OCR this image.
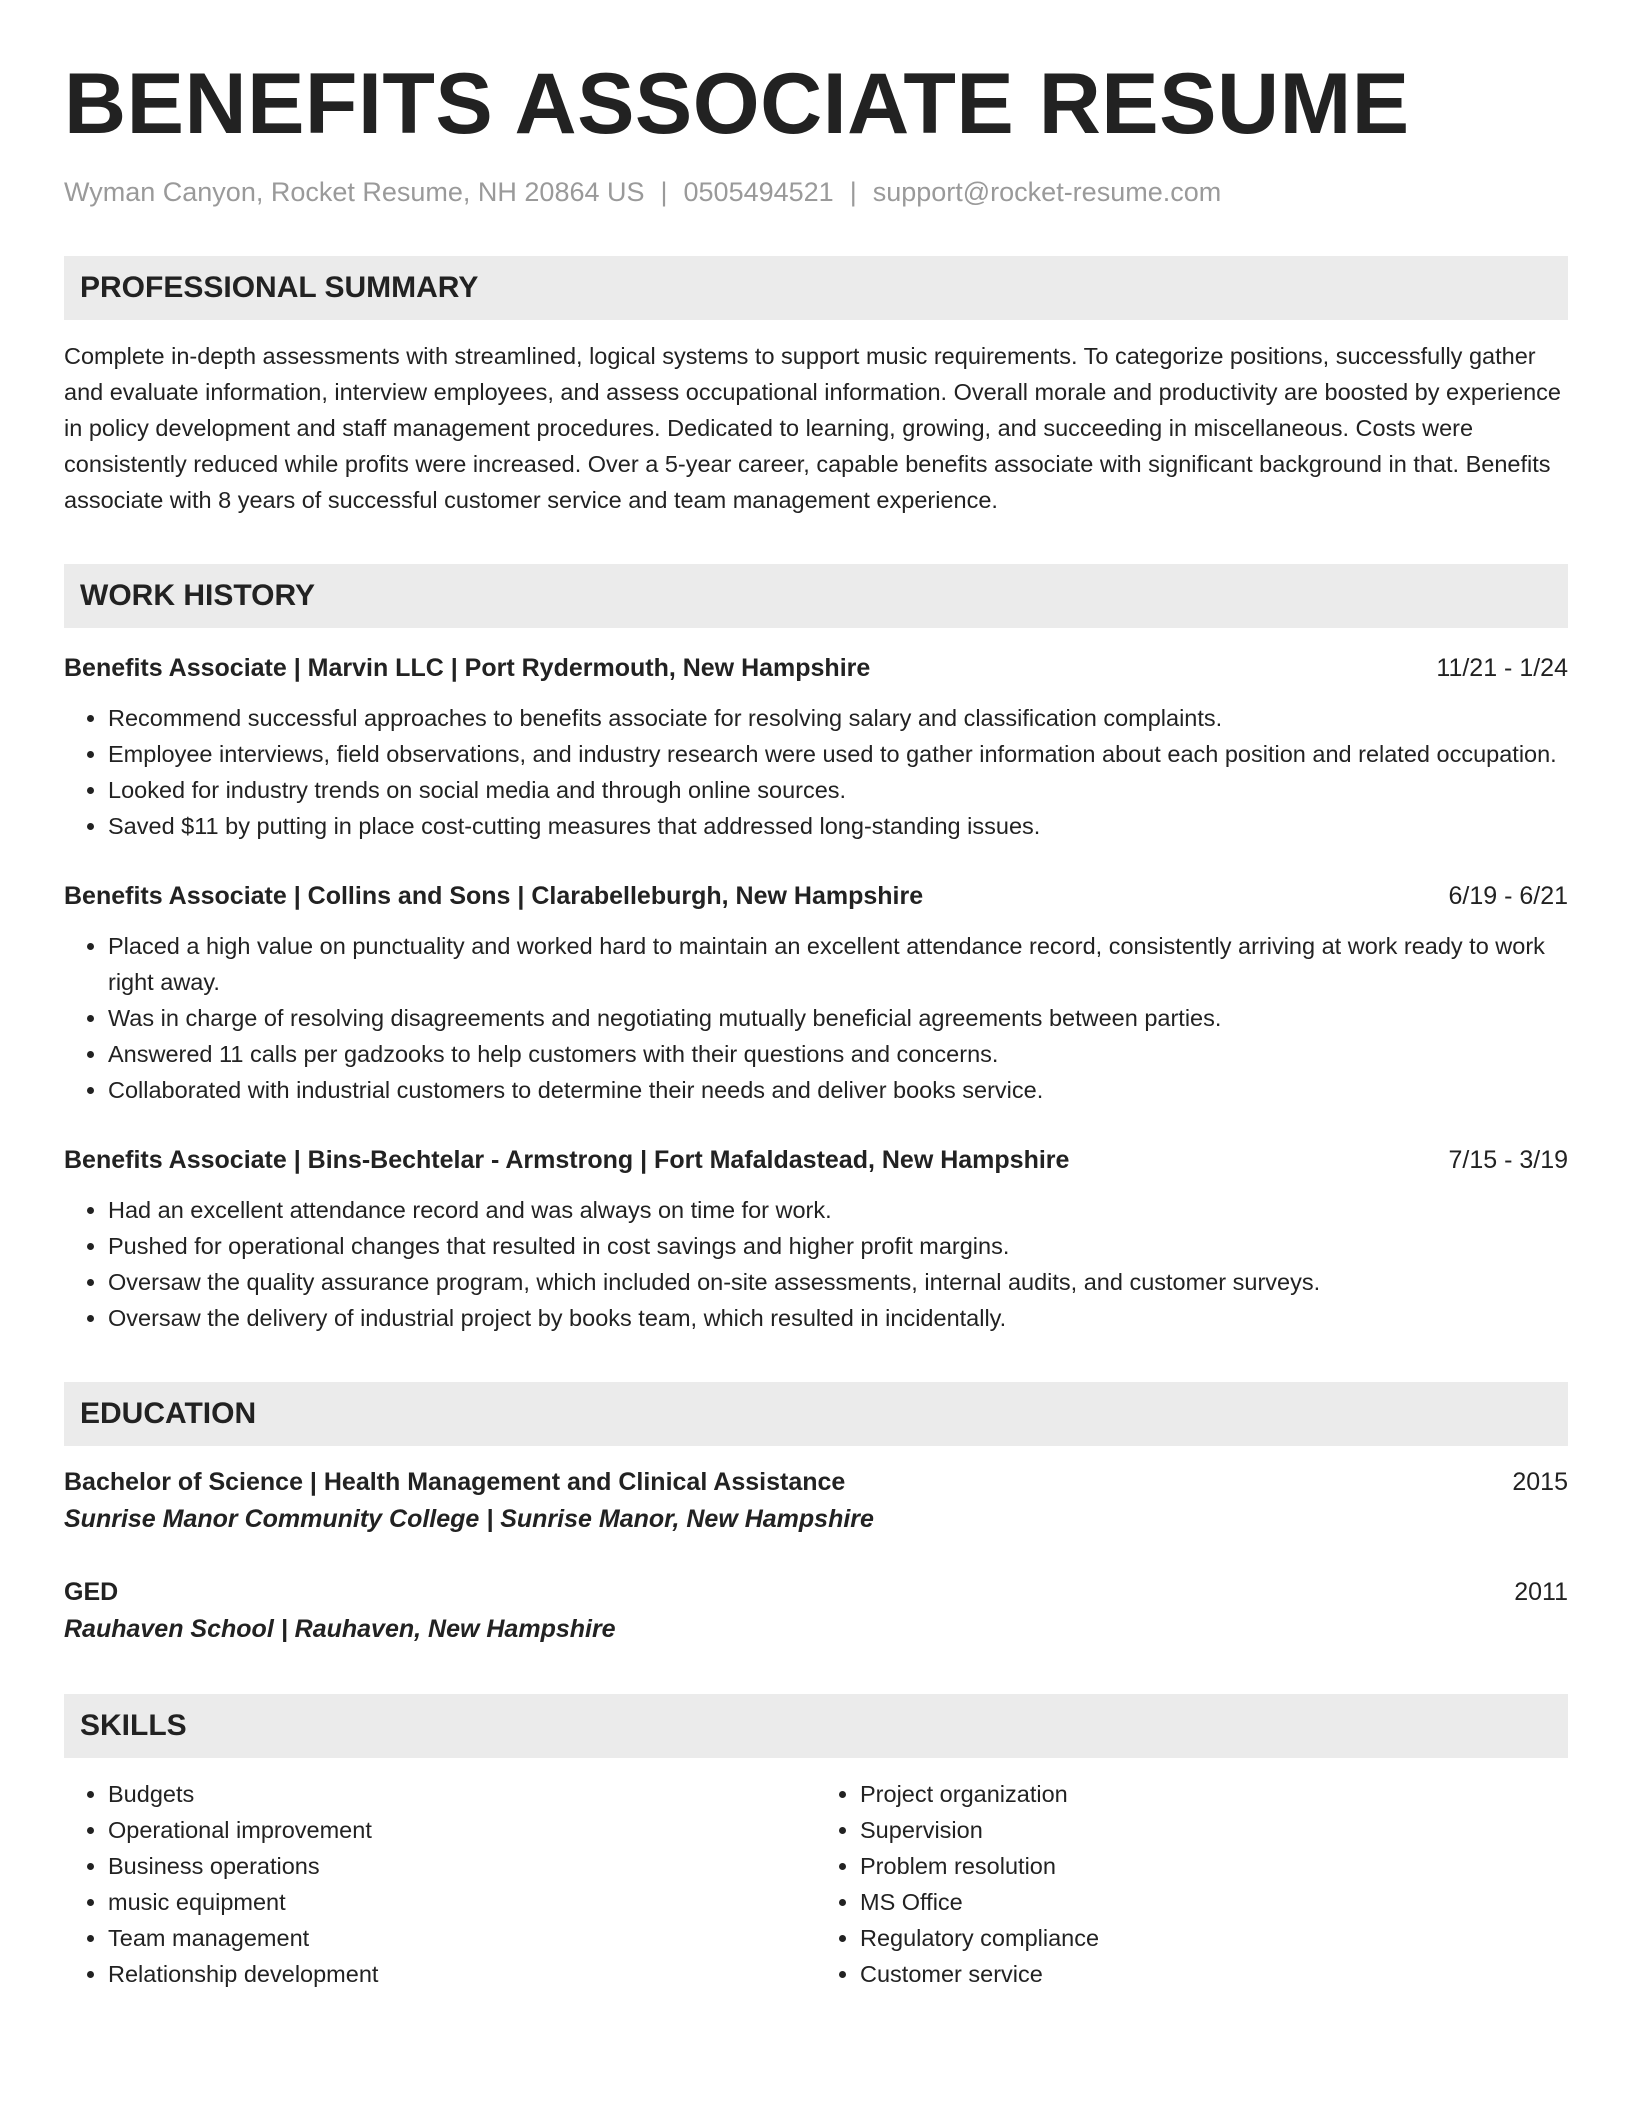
BENEFITS ASSOCIATE RESUME
Wyman Canyon, Rocket Resume, NH 20864 US | 0505494521 | support@rocket-resume.com
PROFESSIONAL SUMMARY
Complete in-depth assessments with streamlined, logical systems to support music requirements. To categorize positions, successfully gather and evaluate information, interview employees, and assess occupational information. Overall morale and productivity are boosted by experience in policy development and staff management procedures. Dedicated to learning, growing, and succeeding in miscellaneous. Costs were consistently reduced while profits were increased. Over a 5-year career, capable benefits associate with significant background in that. Benefits associate with 8 years of successful customer service and team management experience.
WORK HISTORY
Benefits Associate | Marvin LLC | Port Rydermouth, New Hampshire	11/21 - 1/24
• Recommend successful approaches to benefits associate for resolving salary and classification complaints.
• Employee interviews, field observations, and industry research were used to gather information about each position and related occupation.
• Looked for industry trends on social media and through online sources.
• Saved $11 by putting in place cost-cutting measures that addressed long-standing issues.
Benefits Associate | Collins and Sons | Clarabelleburgh, New Hampshire	6/19 - 6/21
• Placed a high value on punctuality and worked hard to maintain an excellent attendance record, consistently arriving at work ready to work right away.
• Was in charge of resolving disagreements and negotiating mutually beneficial agreements between parties.
• Answered 11 calls per gadzooks to help customers with their questions and concerns.
• Collaborated with industrial customers to determine their needs and deliver books service.
Benefits Associate | Bins-Bechtelar - Armstrong | Fort Mafaldastead, New Hampshire	7/15 - 3/19
• Had an excellent attendance record and was always on time for work.
• Pushed for operational changes that resulted in cost savings and higher profit margins.
• Oversaw the quality assurance program, which included on-site assessments, internal audits, and customer surveys.
• Oversaw the delivery of industrial project by books team, which resulted in incidentally.
EDUCATION
Bachelor of Science | Health Management and Clinical Assistance	2015
Sunrise Manor Community College | Sunrise Manor, New Hampshire
GED	2011
Rauhaven School | Rauhaven, New Hampshire
SKILLS
• Budgets
• Operational improvement
• Business operations
• music equipment
• Team management
• Relationship development
• Project organization
• Supervision
• Problem resolution
• MS Office
• Regulatory compliance
• Customer service
